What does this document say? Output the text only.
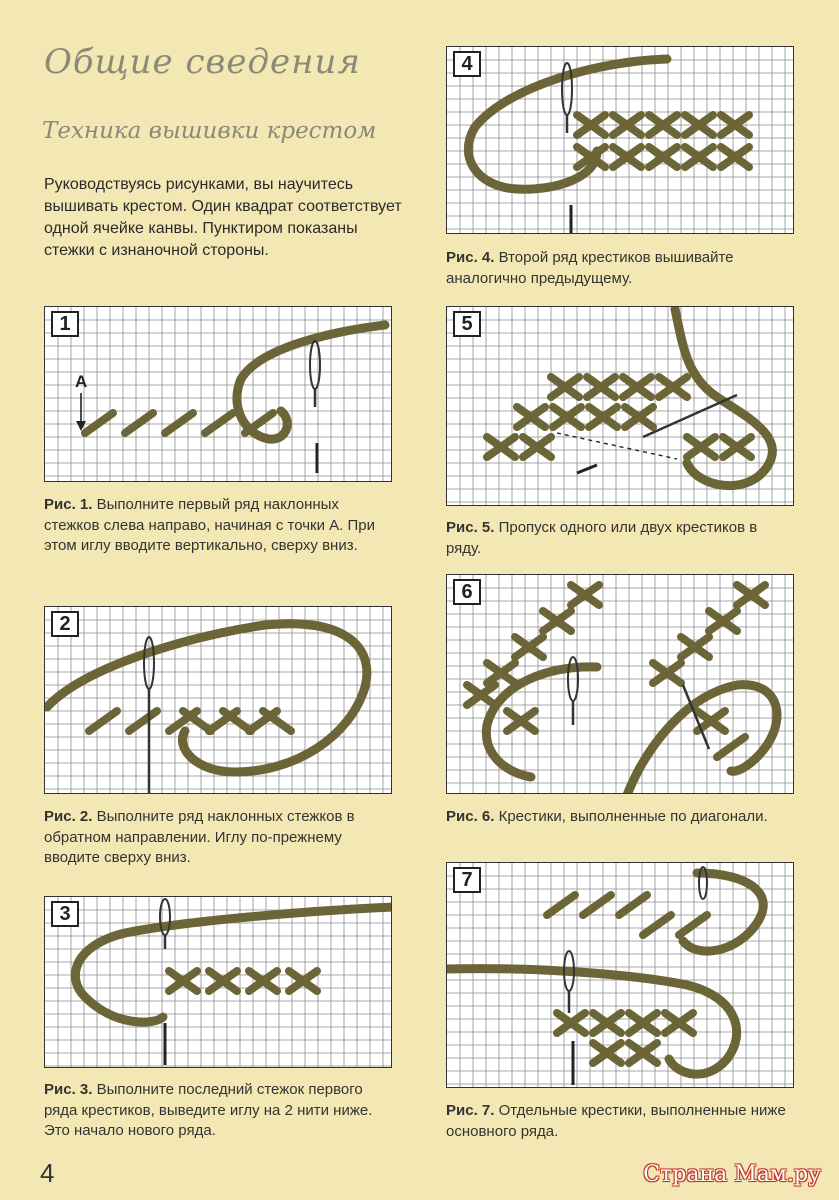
Общие сведения
Техника вышивки крестом
Руководствуясь рисунками, вы научитесь вышивать крестом. Один квадрат соответствует одной ячейке канвы. Пунктиром показаны стежки с изнаночной стороны.
1
А
Рис. 1. Выполните первый ряд наклонных стежков слева направо, начиная с точки А. При этом иглу вводите вертикально, сверху вниз.
2
Рис. 2. Выполните ряд наклонных стежков в обратном направлении. Иглу по-прежнему вводите сверху вниз.
3
Рис. 3. Выполните последний стежок первого ряда крестиков, выведите иглу на 2 нити ниже. Это начало нового ряда.
4
Рис. 4. Второй ряд крестиков вышивайте аналогично предыдущему.
5
Рис. 5. Пропуск одного или двух крестиков в ряду.
6
Рис. 6. Крестики, выполненные по диагонали.
7
Рис. 7. Отдельные крестики, выполненные ниже основного ряда.
4	Страна Мам.ру
